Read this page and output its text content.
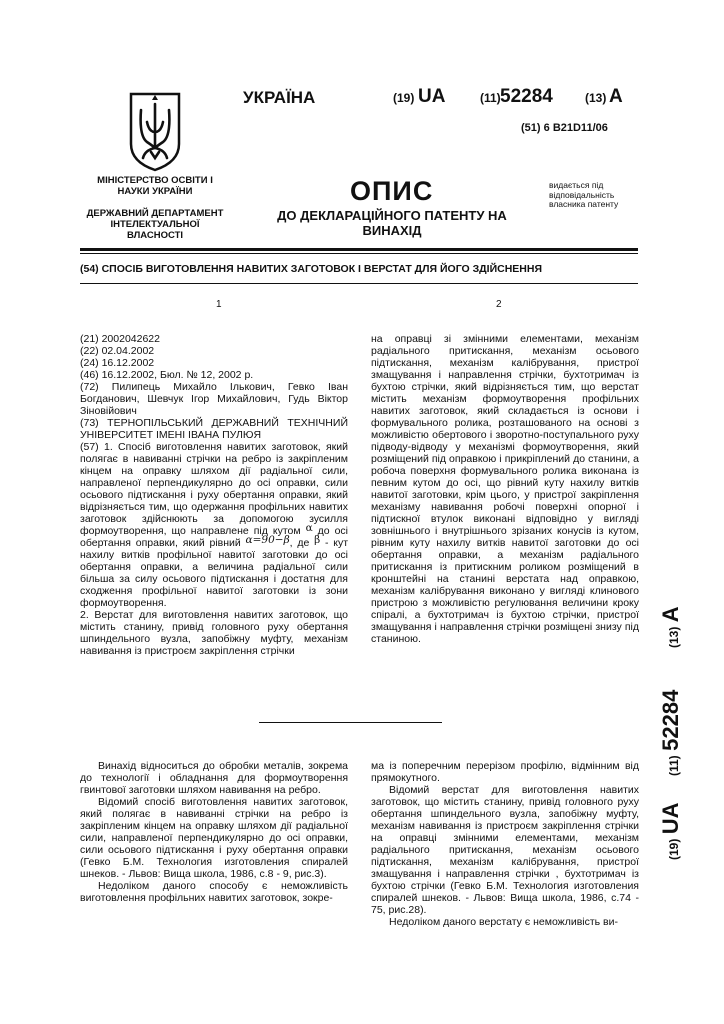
УКРАЇНА	(19) UA	(11) 52284	(13) A
(51) 6 B21D11/06
МІНІСТЕРСТВО ОСВІТИ І НАУКИ УКРАЇНИ
ДЕРЖАВНИЙ ДЕПАРТАМЕНТ ІНТЕЛЕКТУАЛЬНОЇ ВЛАСНОСТІ
ОПИС
ДО ДЕКЛАРАЦІЙНОГО ПАТЕНТУ НА ВИНАХІД
видається під відповідальність власника патенту
(54) СПОСІБ ВИГОТОВЛЕННЯ НАВИТИХ ЗАГОТОВОК І ВЕРСТАТ ДЛЯ ЙОГО ЗДІЙСНЕННЯ
1	2

(21) 2002042622

(22) 02.04.2002

(24) 16.12.2002

(46) 16.12.2002, Бюл. № 12, 2002 р.

(72) Пилипець Михайло Ількович, Гевко Іван Богданович, Шевчук Ігор Михайлович, Гудь Віктор Зіновійович

(73) ТЕРНОПІЛЬСЬКИЙ ДЕРЖАВНИЙ ТЕХНІЧНИЙ УНІВЕРСИТЕТ ІМЕНІ ІВАНА ПУЛЮЯ

(57) 1. Спосіб виготовлення навитих заготовок, який полягає в навиванні стрічки на ребро із закріпленим кінцем на оправку шляхом дії радіальної сили, направленої перпендикулярно до осі оправки, сили осьового підтискання і руху обертання оправки, який відрізняється тим, що одержання профільних навитих заготовок здійснюють за допомогою зусилля формоутворення, що направлене під кутом α до осі обертання оправки, який рівний α=90−β, де β - кут нахилу витків профільної навитої заготовки до осі обертання оправки, а величина радіальної сили більша за силу осьового підтискання і достатня для сходження профільної навитої заготовки із зони формоутворення.

2. Верстат для виготовлення навитих заготовок, що містить станину, привід головного руху обертання шпиндельного вузла, запобіжну муфту, механізм навивання із пристроєм закріплення стрічки

на оправці зі змінними елементами, механізм радіального притискання, механізм осьового підтискання, механізм калібрування, пристрої змащування і направлення стрічки, бухтотримач із бухтою стрічки, який відрізняється тим, що верстат містить механізм формоутворення профільних навитих заготовок, який складається із основи і формувального ролика, розташованого на основі з можливістю обертового і зворотно-поступального руху підводу-відводу у механізмі формоутворення, який розміщений під оправкою і прикріплений до станини, а робоча поверхня формувального ролика виконана із певним кутом до осі, що рівний куту нахилу витків навитої заготовки, крім цього, у пристрої закріплення механізму навивання робочі поверхні опорної і підтискної втулок виконані відповідно у вигляді зовнішнього і внутрішнього зрізаних конусів із кутом, рівним куту нахилу витків навитої заготовки до осі обертання оправки, а механізм радіального притискання із притискним роликом розміщений в кронштейні на станині верстата над оправкою, механізм калібрування виконано у вигляді клинового пристрою з можливістю регулювання величини кроку спіралі, а бухтотримач із бухтою стрічки, пристрої змащування і направлення стрічки розміщені знизу під станиною.

Винахід відноситься до обробки металів, зокрема до технології і обладнання для формоутворення гвинтової заготовки шляхом навивання на ребро.

Відомий спосіб виготовлення навитих заготовок, який полягає в навиванні стрічки на ребро із закріпленим кінцем на оправку шляхом дії радіальної сили, направленої перпендикулярно до осі оправки, сили осьового підтискання і руху обертання оправки (Гевко Б.М. Технология изготовления спиралей шнеков. - Львов: Вища школа, 1986, с.8 - 9, рис.3).

Недоліком даного способу є неможливість виготовлення профільних навитих заготовок, зокре-

ма із поперечним перерізом профілю, відмінним від прямокутного.

Відомий верстат для виготовлення навитих заготовок, що містить станину, привід головного руху обертання шпиндельного вузла, запобіжну муфту, механізм навивання із пристроєм закріплення стрічки на оправці змінними елементами, механізм радіального притискання, механізм осьового підтискання, механізм калібрування, пристрої змащування і направлення стрічки , бухтотримач із бухтою стрічки (Гевко Б.М. Технология изготовления спиралей шнеков. - Львов: Вища школа, 1986, с.74 - 75, рис.28).

Недоліком даного верстату є неможливість ви-

(13) A
(11) 52284
(19) UA
